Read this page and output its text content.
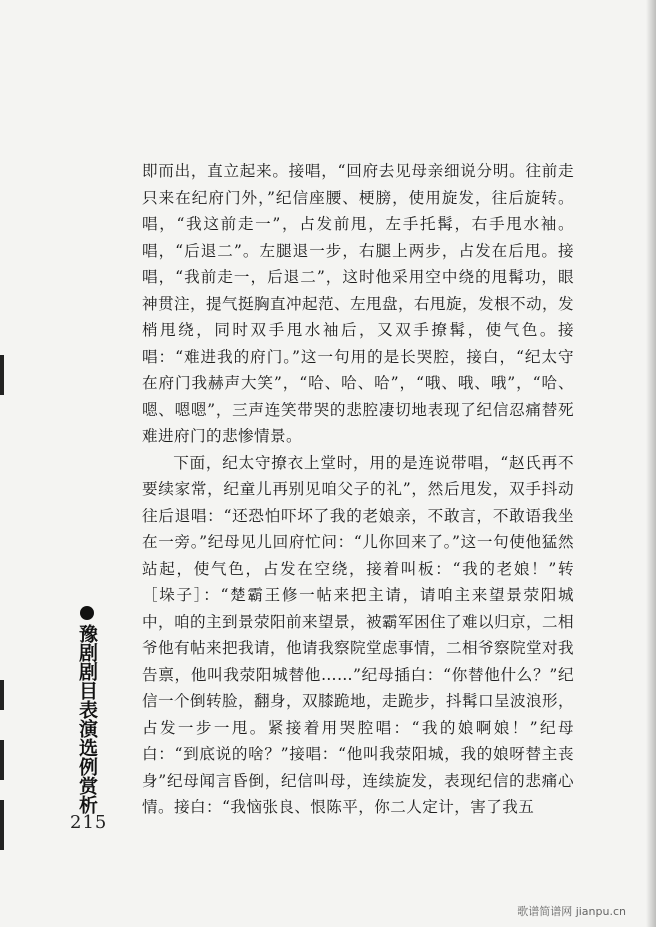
即而出，直立起来。接唱，“回府去见母亲细说分明。往前走只来在纪府门外，”纪信座腰、梗膀，使用旋发，往后旋转。唱，“我这前走一”，占发前甩，左手托髯，右手甩水袖。唱，“后退二”。左腿退一步，右腿上两步，占发在后甩。接唱，“我前走一，后退二”，这时他采用空中绕的甩髯功，眼神贯注，提气挺胸直冲起范、左甩盘，右甩旋，发根不动，发梢甩绕，同时双手甩水袖后，又双手撩髯，使气色。接唱：“难进我的府门。”这一句用的是长哭腔，接白，“纪太守在府门我赫声大笑”，“哈、哈、哈”，“哦、哦、哦”，“哈、嗯、嗯嗯”，三声连笑带哭的悲腔凄切地表现了纪信忍痛替死难进府门的悲惨情景。

下面，纪太守撩衣上堂时，用的是连说带唱，“赵氏再不要续家常，纪童儿再别见咱父子的礼”，然后甩发，双手抖动往后退唱：“还恐怕吓坏了我的老娘亲，不敢言，不敢语我坐在一旁。”纪母见儿回府忙问：“儿你回来了。”这一句使他猛然站起，使气色，占发在空绕，接着叫板：“我的老娘！”转［垛子］：“楚霸王修一帖来把主请，请咱主来望景荥阳城中，咱的主到景荥阳前来望景，被霸军困住了难以归京，二相爷他有帖来把我请，他请我察院堂虑事情，二相爷察院堂对我告禀，他叫我荥阳城替他……”纪母插白：“你替他什么？”纪信一个倒转脸，翻身，双膝跪地，走跪步，抖髯口呈波浪形，占发一步一甩。紧接着用哭腔唱：“我的娘啊娘！”纪母白：“到底说的啥？”接唱：“他叫我荥阳城，我的娘呀替主丧身”纪母闻言昏倒，纪信叫母，连续旋发，表现纪信的悲痛心情。接白：“我恼张良、恨陈平，你二人定计，害了我五

豫剧剧目表演选例赏析
215
歌谱简谱网 jianpu.cn
